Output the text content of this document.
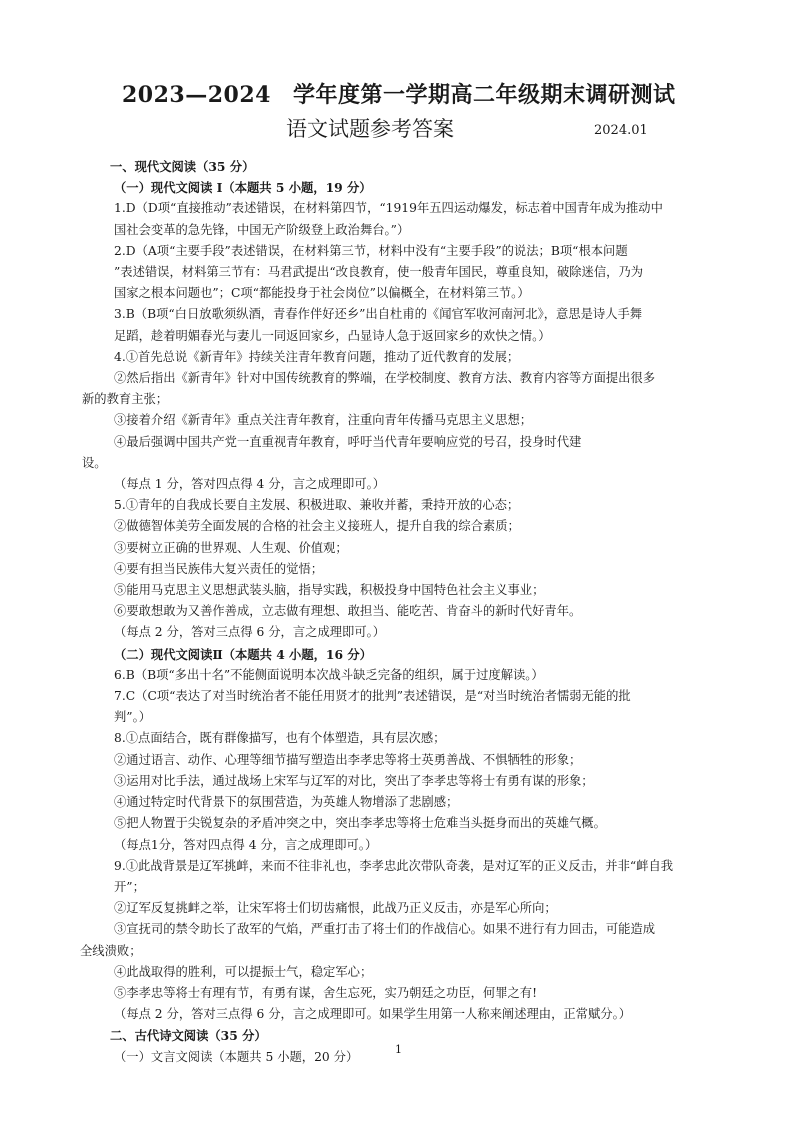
2023—2024 学年度第一学期高二年级期末调研测试
语文试题参考答案	2024.01

一、现代文阅读（35 分）

（一）现代文阅读 Ⅰ（本题共 5 小题，19 分）

1.D（D项“直接推动”表述错误，在材料第四节，“1919年五四运动爆发，标志着中国青年成为推动中

国社会变革的急先锋，中国无产阶级登上政治舞台。”）

2.D（A项“主要手段”表述错误，在材料第三节，材料中没有“主要手段”的说法；B项“根本问题

”表述错误，材料第三节有：马君武提出“改良教育，使一般青年国民，尊重良知，破除迷信，乃为

国家之根本问题也”；C项“都能投身于社会岗位”以偏概全，在材料第三节。）

3.B（B项“白日放歌须纵酒，青春作伴好还乡”出自杜甫的《闻官军收河南河北》，意思是诗人手舞

足蹈，趁着明媚春光与妻儿一同返回家乡，凸显诗人急于返回家乡的欢快之情。）

4.①首先总说《新青年》持续关注青年教育问题，推动了近代教育的发展；

②然后指出《新青年》针对中国传统教育的弊端，在学校制度、教育方法、教育内容等方面提出很多

新的教育主张；

③接着介绍《新青年》重点关注青年教育，注重向青年传播马克思主义思想；

④最后强调中国共产党一直重视青年教育，呼吁当代青年要响应党的号召，投身时代建

设。

（每点 1 分，答对四点得 4 分，言之成理即可。）

5.①青年的自我成长要自主发展、积极进取、兼收并蓄，秉持开放的心态；

②做德智体美劳全面发展的合格的社会主义接班人，提升自我的综合素质；

③要树立正确的世界观、人生观、价值观；

④要有担当民族伟大复兴责任的觉悟；

⑤能用马克思主义思想武装头脑，指导实践，积极投身中国特色社会主义事业；

⑥要敢想敢为又善作善成，立志做有理想、敢担当、能吃苦、肯奋斗的新时代好青年。

（每点 2 分，答对三点得 6 分，言之成理即可。）

（二）现代文阅读Ⅱ（本题共 4 小题，16 分）

6.B（B项“多出十名”不能侧面说明本次战斗缺乏完备的组织，属于过度解读。）

7.C（C项“表达了对当时统治者不能任用贤才的批判”表述错误，是“对当时统治者懦弱无能的批

判”。）

8.①点面结合，既有群像描写，也有个体塑造，具有层次感；

②通过语言、动作、心理等细节描写塑造出李孝忠等将士英勇善战、不惧牺牲的形象；

③运用对比手法，通过战场上宋军与辽军的对比，突出了李孝忠等将士有勇有谋的形象；

④通过特定时代背景下的氛围营造，为英雄人物增添了悲剧感；

⑤把人物置于尖锐复杂的矛盾冲突之中，突出李孝忠等将士危难当头挺身而出的英雄气概。

（每点1分，答对四点得 4 分，言之成理即可。）

9.①此战背景是辽军挑衅，来而不往非礼也，李孝忠此次带队奇袭，是对辽军的正义反击，并非“衅自我

开”；

②辽军反复挑衅之举，让宋军将士们切齿痛恨，此战乃正义反击，亦是军心所向；

③宣抚司的禁令助长了敌军的气焰，严重打击了将士们的作战信心。如果不进行有力回击，可能造成

全线溃败；

④此战取得的胜利，可以提振士气，稳定军心；

⑤李孝忠等将士有理有节，有勇有谋，舍生忘死，实乃朝廷之功臣，何罪之有!

（每点 2 分，答对三点得 6 分，言之成理即可。如果学生用第一人称来阐述理由，正常赋分。）

二、古代诗文阅读（35 分）

（一）文言文阅读（本题共 5 小题，20 分）

1
